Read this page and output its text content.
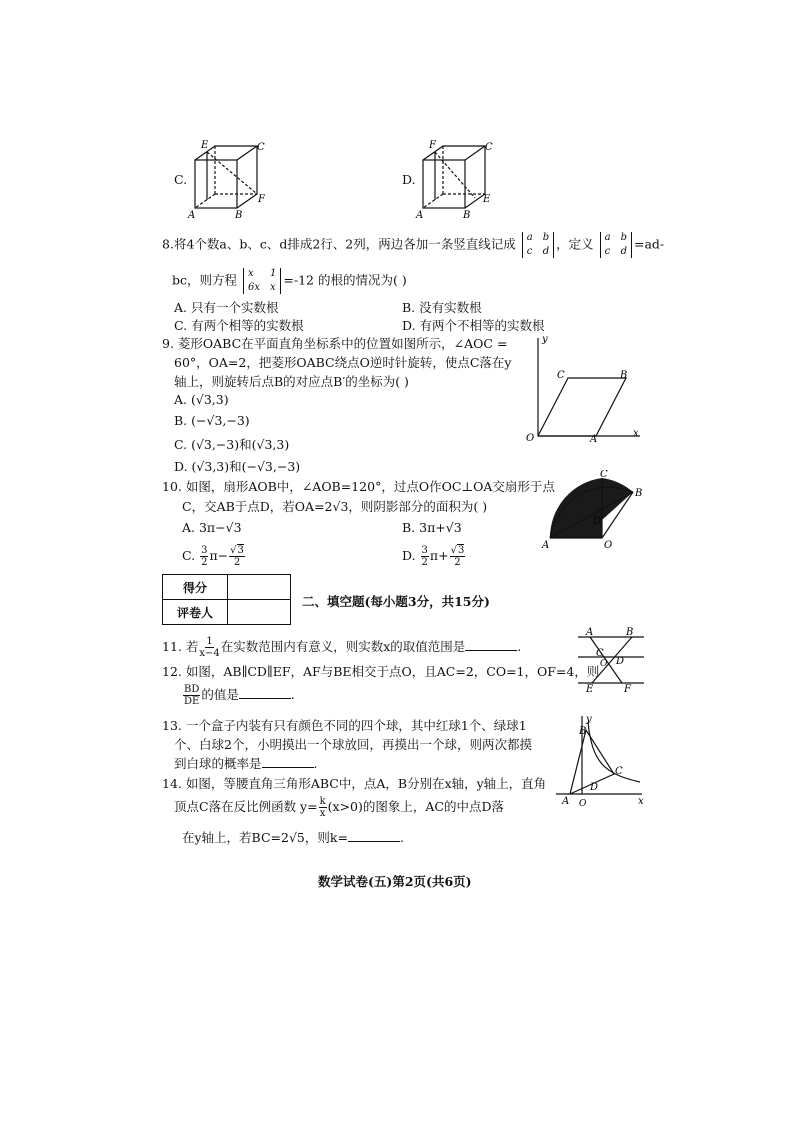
C.
E	C
F
A	B
D.
F	C
E
A	B
8.将4个数a、b、c、d排成2行、2列，两边各加一条竖直线记成 a b
c d ，定义 a b
c d =ad-
bc，则方程 x	1
6x x =-12 的根的情况为( )
A. 只有一个实数根	B. 没有实数根
C. 有两个相等的实数根	D. 有两个不相等的实数根
9. 菱形OABC在平面直角坐标系中的位置如图所示，∠AOC =
60°，OA=2，把菱形OABC绕点O逆时针旋转，使点C落在y
轴上，则旋转后点B的对应点B′的坐标为( )
A. (√3,3)
B. (−√3,−3)
C. (√3,−3)和(√3,3)
D. (√3,3)和(−√3,−3)
y
x
O	A
B
C
10. 如图，扇形AOB中，∠AOB=120°，过点O作OC⊥OA交扇形于点
C，交AB于点D，若OA=2√3，则阴影部分的面积为( )
A. 3π−√3	B. 3π+√3
C. $\frac{3}{2} \pi- \frac{√3}{2}$	D. $\frac{3}{2} \pi+ \frac{√3}{2}$	A
B
C
D
O
得分	
评卷人	
二、填空题(每小题3分，共15分)
11. 若 $\frac{1}{x-4}$ 在实数范围内有意义，则实数x的取值范围是	.
12. 如图，AB∥CD∥EF，AF与BE相交于点O，且AC=2，CO=1，OF=4，则
$\frac{BD}{DE}$ 的值是	.
A	B
C
D
O
E	F
13. 一个盒子内装有只有颜色不同的四个球，其中红球1个、绿球1
个、白球2个，小明摸出一个球放回，再摸出一个球，则两次都摸
到白球的概率是	.
14. 如图，等腰直角三角形ABC中，点A，B分别在x轴，y轴上，直角
顶点C落在反比例函数 $y= \frac{k}{x} (x>0)$的图象上，AC的中点D落
在y轴上，若BC=2√5，则k=	.
y
x
A
B
C
D
O
数学试卷(五)第2页(共6页)
